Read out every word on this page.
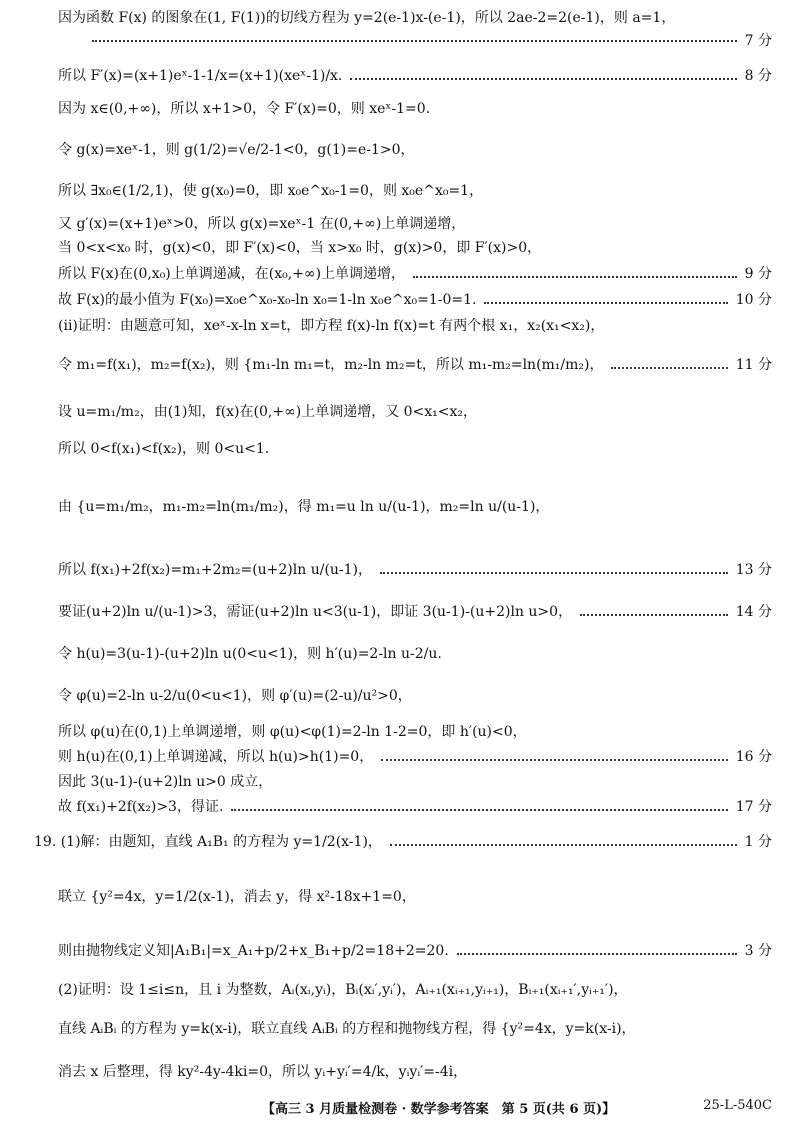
因为函数 F(x) 的图象在(1, F(1))的切线方程为 y=2(e-1)x-(e-1)，所以 2ae-2=2(e-1)，则 a=1，
7 分
所以 F′(x)=(x+1)eˣ-1-1/x=(x+1)(xeˣ-1)/x.	8 分
因为 x∈(0,+∞)，所以 x+1>0，令 F′(x)=0，则 xeˣ-1=0.
令 g(x)=xeˣ-1，则 g(1/2)=√e/2-1<0，g(1)=e-1>0，
所以 ∃x₀∈(1/2,1)，使 g(x₀)=0，即 x₀e^x₀-1=0，则 x₀e^x₀=1，
又 g′(x)=(x+1)eˣ>0，所以 g(x)=xeˣ-1 在(0,+∞)上单调递增，
当 0<x<x₀ 时，g(x)<0，即 F′(x)<0，当 x>x₀ 时，g(x)>0，即 F′(x)>0，
所以 F(x)在(0,x₀)上单调递减，在(x₀,+∞)上单调递增，	9 分
故 F(x)的最小值为 F(x₀)=x₀e^x₀-x₀-ln x₀=1-ln x₀e^x₀=1-0=1.	10 分
(ⅱ)证明：由题意可知，xeˣ-x-ln x=t，即方程 f(x)-ln f(x)=t 有两个根 x₁，x₂(x₁<x₂)，
令 m₁=f(x₁)，m₂=f(x₂)，则 {m₁-ln m₁=t，m₂-ln m₂=t，所以 m₁-m₂=ln(m₁/m₂)，	11 分
设 u=m₁/m₂，由(1)知，f(x)在(0,+∞)上单调递增，又 0<x₁<x₂，
所以 0<f(x₁)<f(x₂)，则 0<u<1.
由 {u=m₁/m₂，m₁-m₂=ln(m₁/m₂)，得 m₁=u ln u/(u-1)，m₂=ln u/(u-1)，
所以 f(x₁)+2f(x₂)=m₁+2m₂=(u+2)ln u/(u-1)，	13 分
要证(u+2)ln u/(u-1)>3，需证(u+2)ln u<3(u-1)，即证 3(u-1)-(u+2)ln u>0，	14 分
令 h(u)=3(u-1)-(u+2)ln u(0<u<1)，则 h′(u)=2-ln u-2/u.
令 φ(u)=2-ln u-2/u(0<u<1)，则 φ′(u)=(2-u)/u²>0，
所以 φ(u)在(0,1)上单调递增，则 φ(u)<φ(1)=2-ln 1-2=0，即 h′(u)<0，
则 h(u)在(0,1)上单调递减，所以 h(u)>h(1)=0，	16 分
因此 3(u-1)-(u+2)ln u>0 成立，
故 f(x₁)+2f(x₂)>3，得证.	17 分
19. (1)解：由题知，直线 A₁B₁ 的方程为 y=1/2(x-1)，	1 分
联立 {y²=4x，y=1/2(x-1)，消去 y，得 x²-18x+1=0，
则由抛物线定义知|A₁B₁|=x_A₁+p/2+x_B₁+p/2=18+2=20.	3 分
(2)证明：设 1≤i≤n，且 i 为整数，Aᵢ(xᵢ,yᵢ)，Bᵢ(xᵢ′,yᵢ′)，Aᵢ₊₁(xᵢ₊₁,yᵢ₊₁)，Bᵢ₊₁(xᵢ₊₁′,yᵢ₊₁′)，
直线 AᵢBᵢ 的方程为 y=k(x-i)，联立直线 AᵢBᵢ 的方程和抛物线方程，得 {y²=4x，y=k(x-i)，
消去 x 后整理，得 ky²-4y-4ki=0，所以 yᵢ+yᵢ′=4/k，yᵢyᵢ′=-4i，
【高三 3 月质量检测卷 · 数学参考答案　第 5 页(共 6 页)】	25-L-540C
